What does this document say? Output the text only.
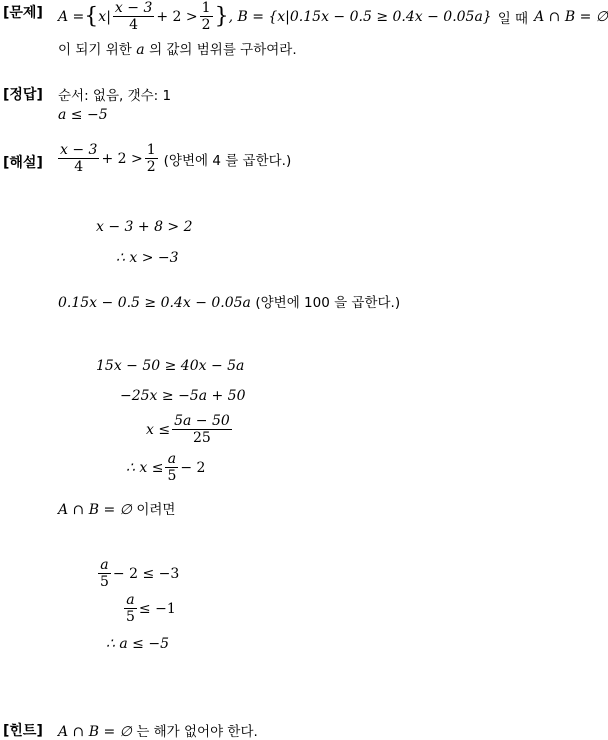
[문제] A = { x | $\frac{x - 3}{4} + 2 > \frac{1}{2}$ } , B = {x|0.15x − 0.5 ≥ 0.4x − 0.05a} 일 때 A ∩ B = ∅
이 되기 위한 a 의 값의 범위를 구하여라.
[정답] 순서: 없음, 갯수: 1
a ≤ −5
[해설] $\frac{x - 3}{4} + 2 > \frac{1}{2}$ (양변에 4 를 곱한다.)
x − 3 + 8 > 2
∴ x > −3
0.15x − 0.5 ≥ 0.4x − 0.05a (양변에 100 을 곱한다.)
15x − 50 ≥ 40x − 5a
−25x ≥ −5a + 50
$x \le \frac{5a - 50}{25}$
∴ $x \le \frac{a}{5} - 2$
A ∩ B = ∅ 이려면
$\frac{a}{5} - 2 \le -3$
$\frac{a}{5} \le -1$
∴ a ≤ −5
[힌트] A ∩ B = ∅ 는 해가 없어야 한다.
